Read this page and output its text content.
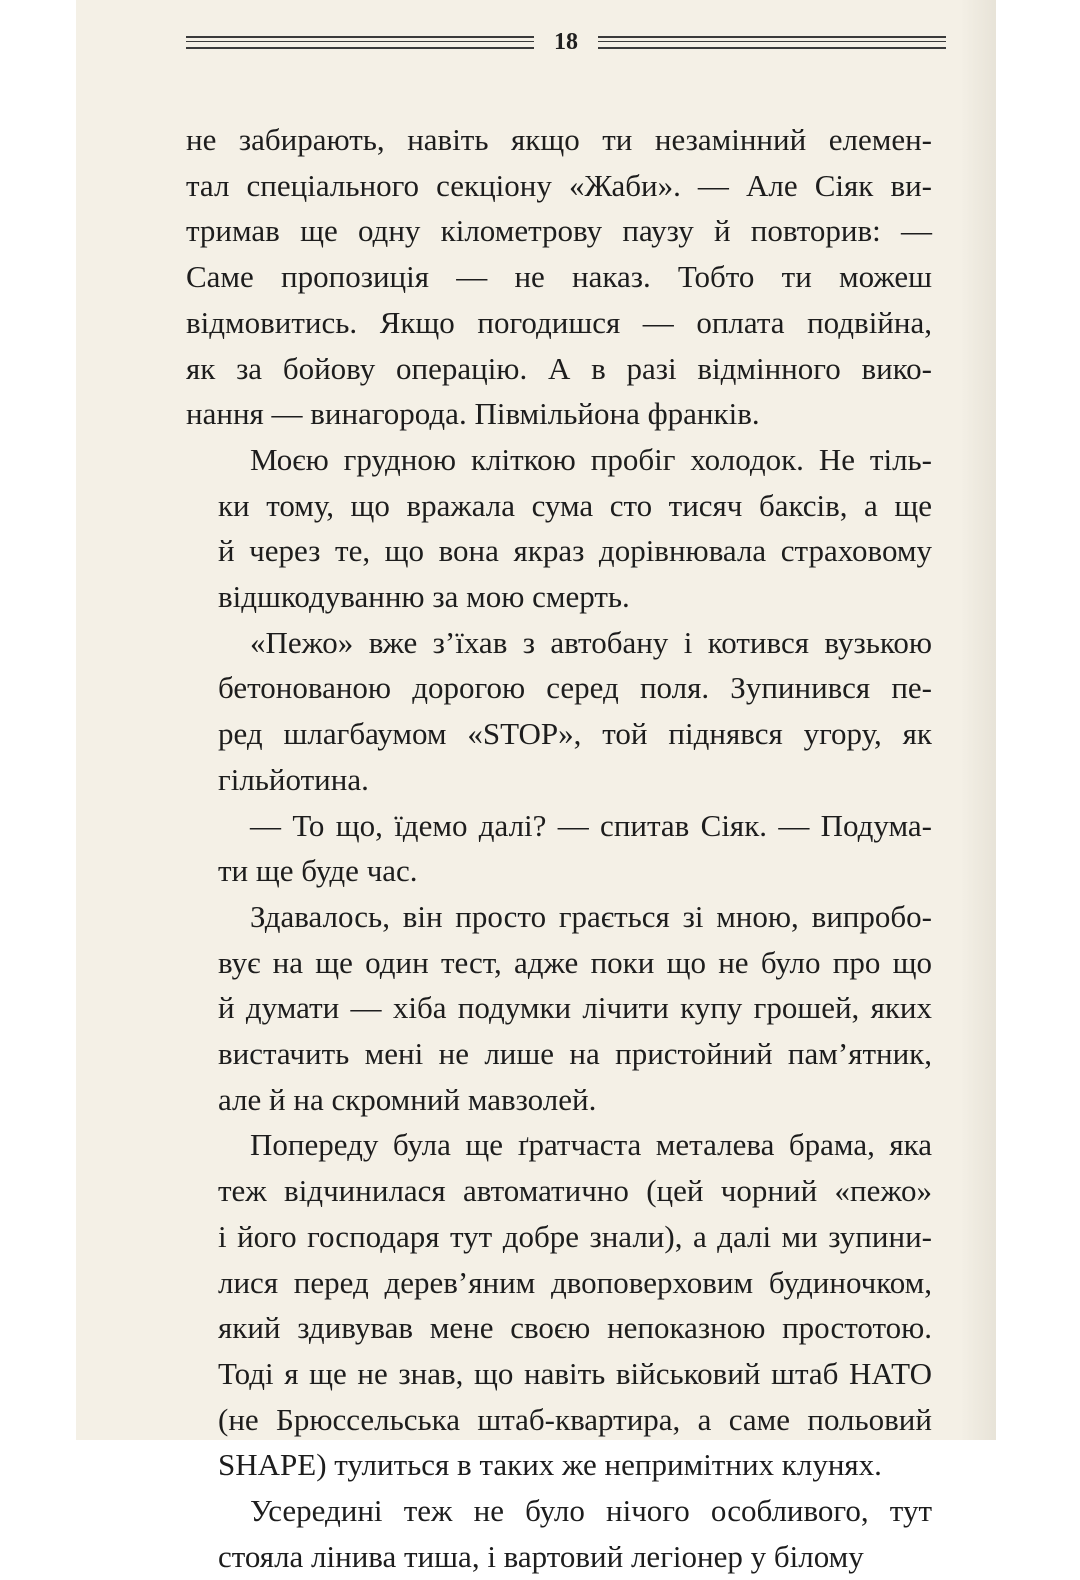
18
не забирають, навіть якщо ти незамінний елемен-
тал спеціального секціону «Жаби». — Але Сіяк ви-
тримав ще одну кілометрову паузу й повторив: —
Саме пропозиція — не наказ. Тобто ти можеш
відмовитись. Якщо погодишся — оплата подвійна,
як за бойову операцію. А в разі відмінного вико-
нання — винагорода. Півмільйона франків.
Моєю грудною кліткою пробіг холодок. Не тіль-
ки тому, що вражала сума сто тисяч баксів, а ще
й через те, що вона якраз дорівнювала страховому
відшкодуванню за мою смерть.
«Пежо» вже з’їхав з автобану і котився вузькою
бетонованою дорогою серед поля. Зупинився пе-
ред шлагбаумом «STOP», той піднявся угору, як
гільйотина.
— То що, їдемо далі? — спитав Сіяк. — Подума-
ти ще буде час.
Здавалось, він просто грається зі мною, випробо-
вує на ще один тест, адже поки що не було про що
й думати — хіба подумки лічити купу грошей, яких
вистачить мені не лише на пристойний пам’ятник,
але й на скромний мавзолей.
Попереду була ще ґратчаста металева брама, яка
теж відчинилася автоматично (цей чорний «пежо»
і його господаря тут добре знали), а далі ми зупини-
лися перед дерев’яним двоповерховим будиночком,
який здивував мене своєю непоказною простотою.
Тоді я ще не знав, що навіть військовий штаб НАТО
(не Брюссельська штаб-квартира, а саме польовий
SHAPE) тулиться в таких же непримітних клунях.
Усередині теж не було нічого особливого, тут
стояла лінива тиша, і вартовий легіонер у білому
